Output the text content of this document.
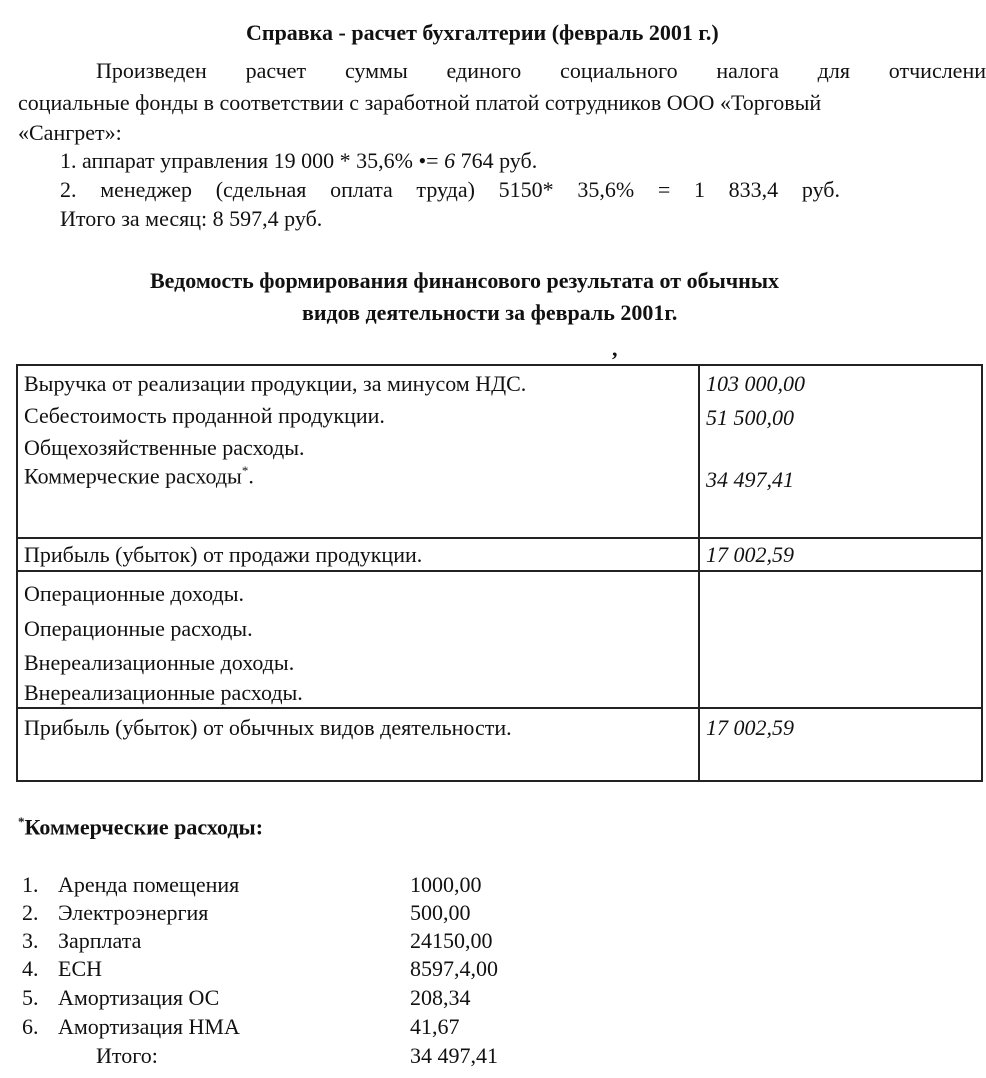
Справка - расчет бухгалтерии (февраль 2001 г.)
Произведен расчет суммы единого социального налога для отчислени
социальные фонды в соответствии с заработной платой сотрудников ООО «Торговый
«Сангрет»:
1. аппарат управления 19 000 * 35,6% •= 6 764 руб.
2. менеджер (сдельная оплата труда) 5150* 35,6% = 1 833,4 руб.
Итого за месяц: 8 597,4 руб.
Ведомость формирования финансового результата от обычных
видов деятельности за февраль 2001г.
,
Выручка от реализации продукции, за минусом НДС.	103 000,00
Себестоимость проданной продукции.	51 500,00
Общехозяйственные расходы.
Коммерческие расходы*.	34 497,41
Прибыль (убыток) от продажи продукции.	17 002,59
Операционные доходы.
Операционные расходы.
Внереализационные доходы.
Внереализационные расходы.
Прибыль (убыток) от обычных видов деятельности.	17 002,59
*Коммерческие расходы:
1. Аренда помещения	1000,00
2. Электроэнергия	500,00
3. Зарплата	24150,00
4. ЕСН	8597,4,00
5. Амортизация ОС	208,34
6. Амортизация НМА	41,67
Итого:	34 497,41
